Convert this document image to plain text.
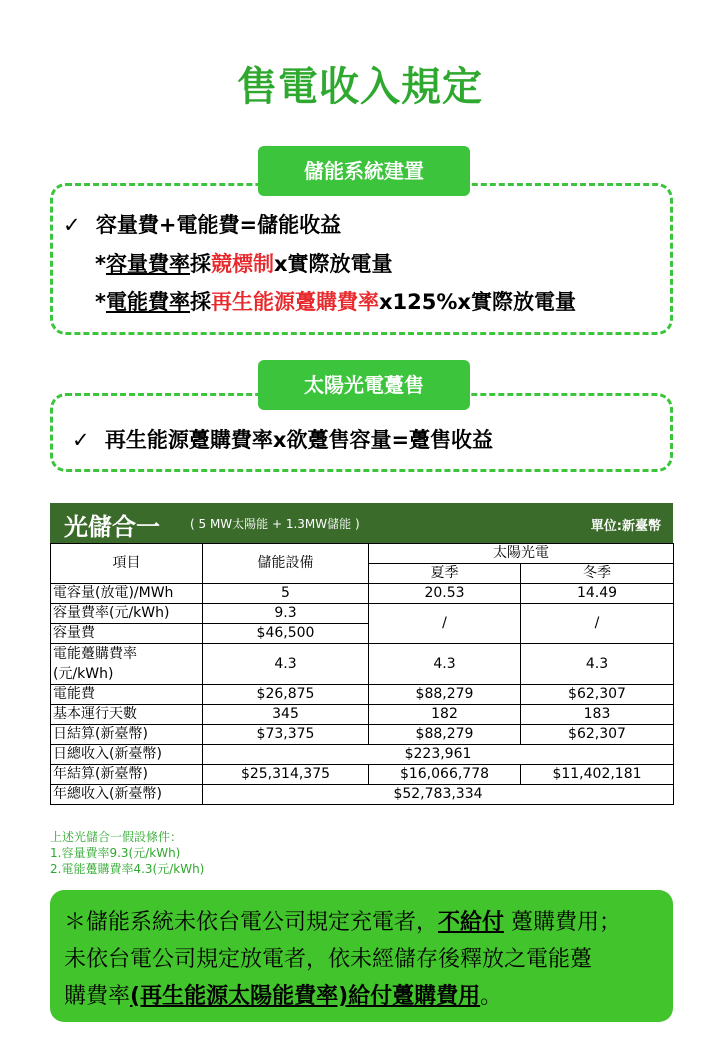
售電收入規定
儲能系統建置
✓ 容量費+電能費=儲能收益
*容量費率採競標制x實際放電量
*電能費率採再生能源躉購費率x125%x實際放電量
太陽光電躉售
✓ 再生能源躉購費率x欲躉售容量=躉售收益
光儲合一	( 5 MW太陽能 + 1.3MW儲能 )	單位:新臺幣
項目	儲能設備	太陽光電	
		夏季	冬季
電容量(放電)/MWh	5	20.53	14.49
容量費率(元/kWh)	9.3	/	/
容量費	$46,500		
電能躉購費率
(元/kWh)	4.3	4.3	4.3
電能費	$26,875	$88,279	$62,307
基本運行天數	345	182	183
日結算(新臺幣)	$73,375	$88,279	$62,307
日總收入(新臺幣)	$223,961		
年結算(新臺幣)	$25,314,375	$16,066,778	$11,402,181
年總收入(新臺幣)	$52,783,334		
上述光儲合一假設條件：
1.容量費率9.3(元/kWh)
2.電能躉購費率4.3(元/kWh)
＊儲能系統未依台電公司規定充電者，不給付 躉購費用；
未依台電公司規定放電者，依未經儲存後釋放之電能躉
購費率(再生能源太陽能費率)給付躉購費用。
